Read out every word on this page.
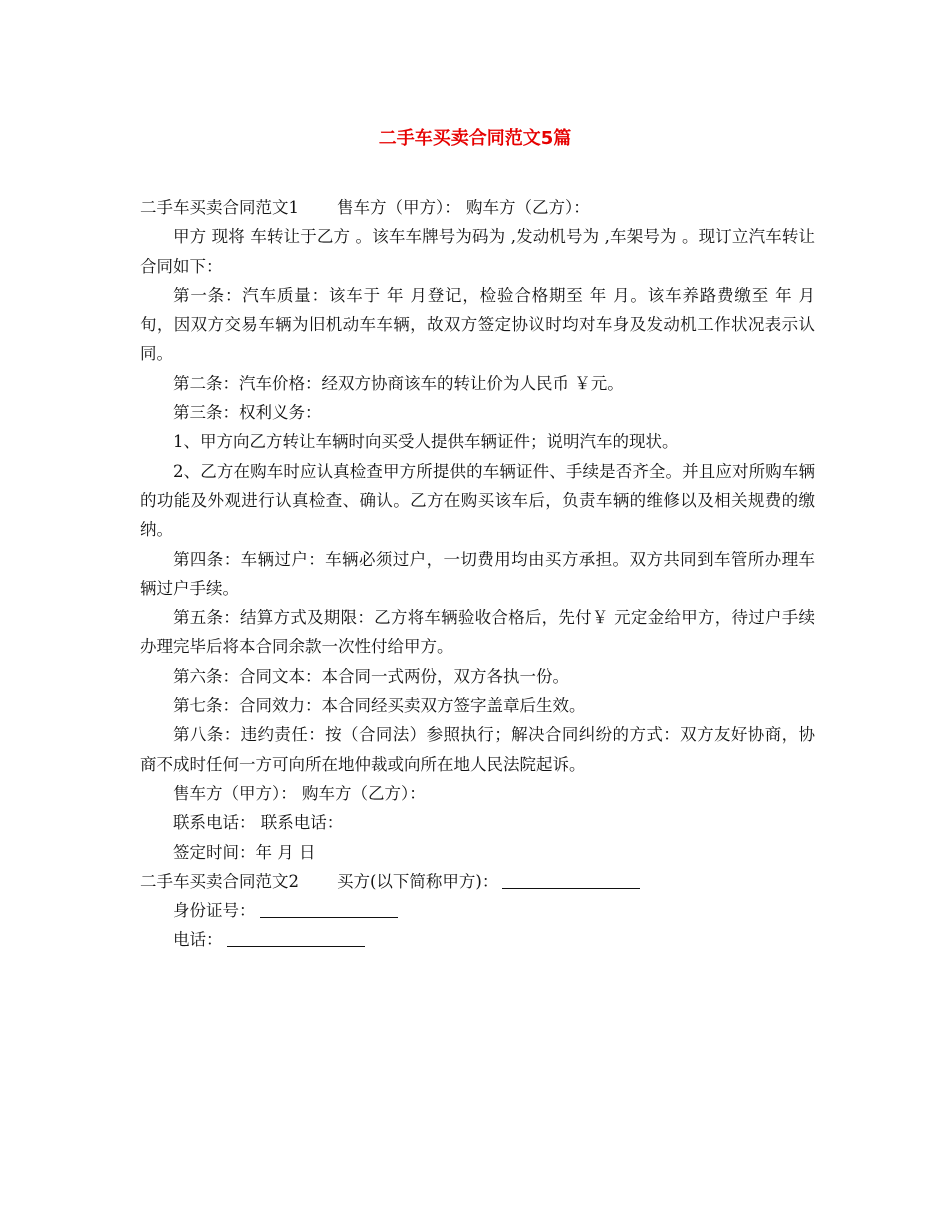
二手车买卖合同范文5篇

二手车买卖合同范文1 售车方（甲方）： 购车方（乙方）：

甲方 现将 车转让于乙方 。该车车牌号为码为 ,发动机号为 ,车架号为 。现订立汽车转让合同如下：

第一条：汽车质量：该车于 年 月登记，检验合格期至 年 月。该车养路费缴至 年 月 旬，因双方交易车辆为旧机动车车辆，故双方签定协议时均对车身及发动机工作状况表示认同。

第二条：汽车价格：经双方协商该车的转让价为人民币 ￥元。

第三条：权利义务：

1、甲方向乙方转让车辆时向买受人提供车辆证件；说明汽车的现状。

2、乙方在购车时应认真检查甲方所提供的车辆证件、手续是否齐全。并且应对所购车辆的功能及外观进行认真检查、确认。乙方在购买该车后，负责车辆的维修以及相关规费的缴纳。

第四条：车辆过户：车辆必须过户，一切费用均由买方承担。双方共同到车管所办理车辆过户手续。

第五条：结算方式及期限：乙方将车辆验收合格后，先付￥ 元定金给甲方，待过户手续办理完毕后将本合同余款一次性付给甲方。

第六条：合同文本：本合同一式两份，双方各执一份。

第七条：合同效力：本合同经买卖双方签字盖章后生效。

第八条：违约责任：按（合同法）参照执行；解决合同纠纷的方式：双方友好协商，协商不成时任何一方可向所在地仲裁或向所在地人民法院起诉。

售车方（甲方）： 购车方（乙方）：

联系电话： 联系电话：

签定时间：年 月 日

二手车买卖合同范文2 买方(以下简称甲方)：

身份证号：

电话：
